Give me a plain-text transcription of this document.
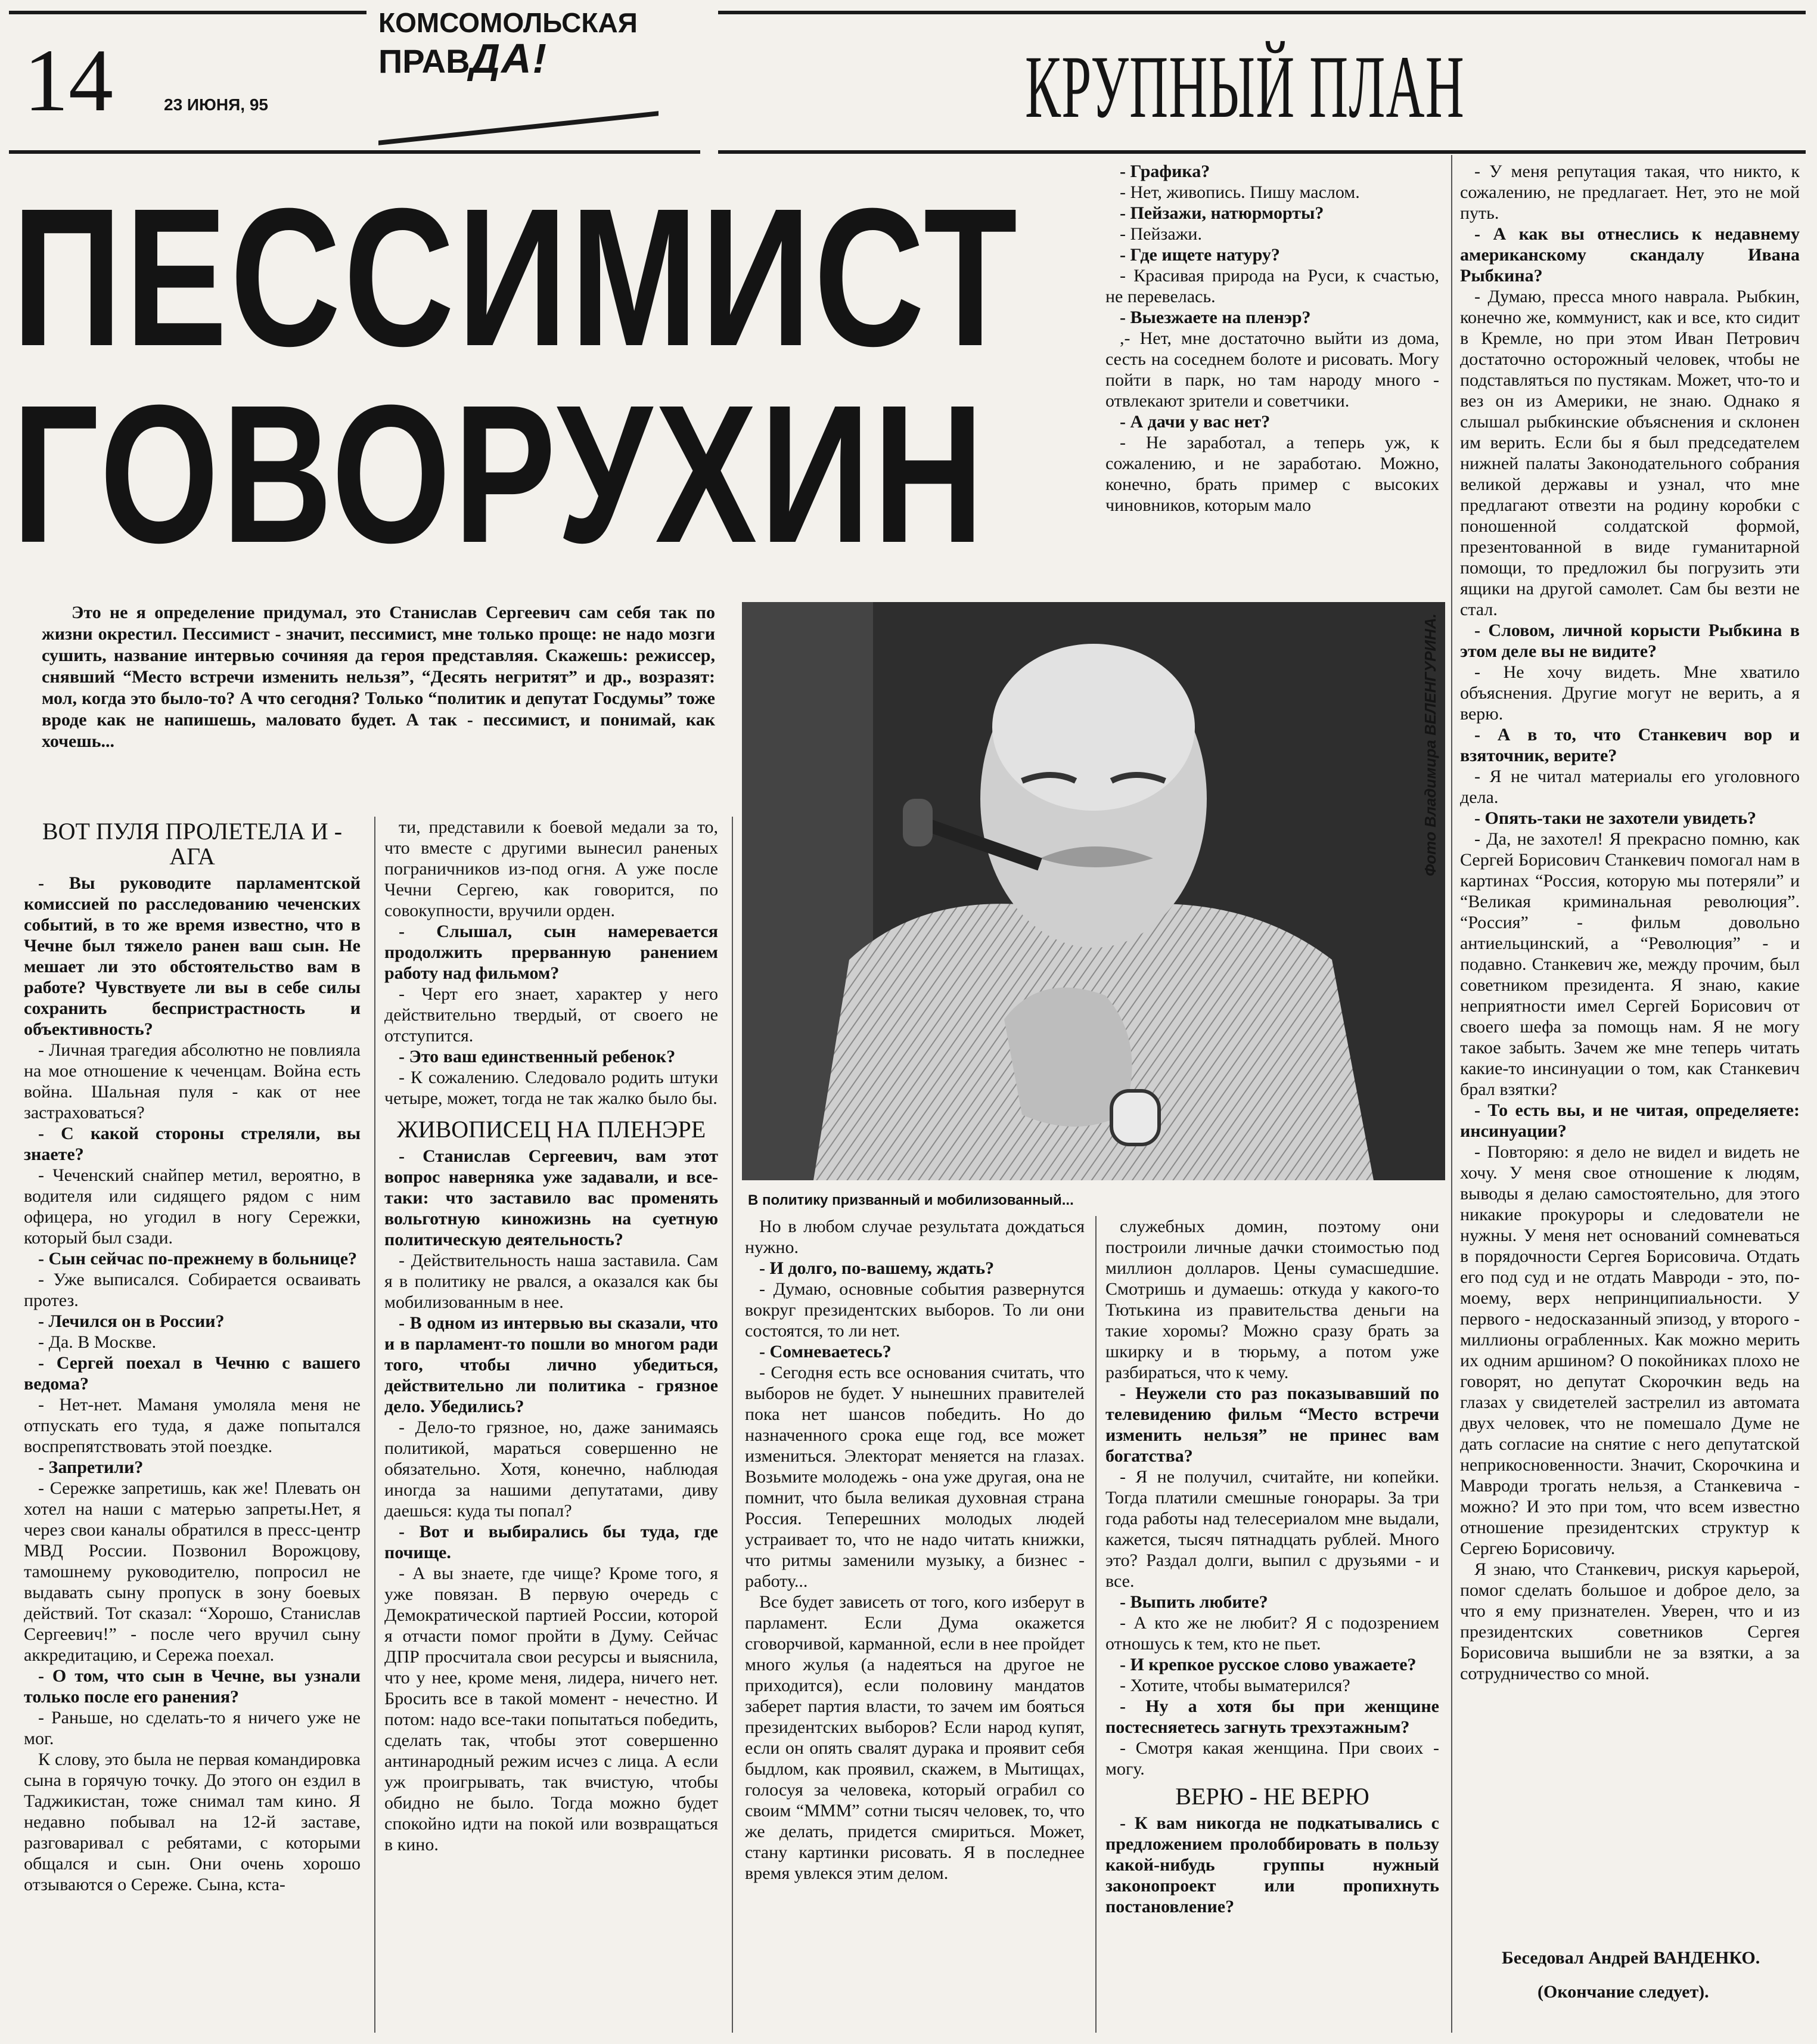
14	23 ИЮНЯ, 95
КОМСОМОЛЬСКАЯ
ПРАВДА!	КРУПНЫЙ ПЛАН
ПЕССИМИСТ
ГОВОРУХИН
Это не я определение придумал, это Станислав Сергеевич сам себя так по жизни окрестил. Пессимист - значит, пессимист, мне только проще: не надо мозги сушить, название интервью сочиняя да героя представляя. Скажешь: режиссер, снявший “Место встречи изменить нельзя”, “Десять негритят” и др., возразят: мол, когда это было-то? А что сегодня? Только “политик и депутат Госдумы” тоже вроде как не напишешь, маловато будет. А так - пессимист, и понимай, как хочешь...
ВОТ ПУЛЯ ПРОЛЕТЕЛА И - АГА

- Вы руководите парламентской комиссией по расследованию чеченских событий, в то же время известно, что в Чечне был тяжело ранен ваш сын. Не мешает ли это обстоятельство вам в работе? Чувствуете ли вы в себе силы сохранить беспристрастность и объективность?

- Личная трагедия абсолютно не повлияла на мое отношение к чеченцам. Война есть война. Шальная пуля - как от нее застраховаться?

- С какой стороны стреляли, вы знаете?

- Чеченский снайпер метил, вероятно, в водителя или сидящего рядом с ним офицера, но угодил в ногу Сережки, который был сзади.

- Сын сейчас по-прежнему в больнице?

- Уже выписался. Собирается осваивать протез.

- Лечился он в России?

- Да. В Москве.

- Сергей поехал в Чечню с вашего ведома?

- Нет-нет. Маманя умоляла меня не отпускать его туда, я даже попытался воспрепятствовать этой поездке.

- Запретили?

- Сережке запретишь, как же! Плевать он хотел на наши с матерью запреты.Нет, я через свои каналы обратился в пресс-центр МВД России. Позвонил Ворожцову, тамошнему руководителю, попросил не выдавать сыну пропуск в зону боевых действий. Тот сказал: “Хорошо, Станислав Сергеевич!” - после чего вручил сыну аккредитацию, и Сережа поехал.

- О том, что сын в Чечне, вы узнали только после его ранения?

- Раньше, но сделать-то я ничего уже не мог.

К слову, это была не первая командировка сына в горячую точку. До этого он ездил в Таджикистан, тоже снимал там кино. Я недавно побывал на 12-й заставе, разговаривал с ребятами, с которыми общался и сын. Они очень хорошо отзываются о Сереже. Сына, кста-

ти, представили к боевой медали за то, что вместе с другими вынесил раненых пограничников из-под огня. А уже после Чечни Сергею, как говорится, по совокупности, вручили орден.

- Слышал, сын намеревается продолжить прерванную ранением работу над фильмом?

- Черт его знает, характер у него действительно твердый, от своего не отступится.

- Это ваш единственный ребенок?

- К сожалению. Следовало родить штуки четыре, может, тогда не так жалко было бы.

ЖИВОПИСЕЦ НА ПЛЕНЭРЕ

- Станислав Сергеевич, вам этот вопрос наверняка уже задавали, и все-таки: что заставило вас променять вольготную киножизнь на суетную политическую деятельность?

- Действительность наша заставила. Сам я в политику не рвался, а оказался как бы мобилизованным в нее.

- В одном из интервью вы сказали, что и в парламент-то пошли во многом ради того, чтобы лично убедиться, действительно ли политика - грязное дело. Убедились?

- Дело-то грязное, но, даже занимаясь политикой, мараться совершенно не обязательно. Хотя, конечно, наблюдая иногда за нашими депутатами, диву даешься: куда ты попал?

- Вот и выбирались бы туда, где почище.

- А вы знаете, где чище? Кроме того, я уже повязан. В первую очередь с Демократической партией России, которой я отчасти помог пройти в Думу. Сейчас ДПР просчитала свои ресурсы и выяснила, что у нее, кроме меня, лидера, ничего нет. Бросить все в такой момент - нечестно. И потом: надо все-таки попытаться победить, сделать так, чтобы этот совершенно антинародный режим исчез с лица. А если уж проигрывать, так вчистую, чтобы обидно не было. Тогда можно будет спокойно идти на покой или возвращаться в кино.

Фото Владимира ВЕЛЕНГУРИНА.
В политику призванный и мобилизованный...

Но в любом случае результата дождаться нужно.

- И долго, по-вашему, ждать?

- Думаю, основные события развернутся вокруг президентских выборов. То ли они состоятся, то ли нет.

- Сомневаетесь?

- Сегодня есть все основания считать, что выборов не будет. У нынешних правителей пока нет шансов победить. Но до назначенного срока еще год, все может измениться. Электорат меняется на глазах. Возьмите молодежь - она уже другая, она не помнит, что была великая духовная страна Россия. Теперешних молодых людей устраивает то, что не надо читать книжки, что ритмы заменили музыку, а бизнес - работу...

Все будет зависеть от того, кого изберут в парламент. Если Дума окажется сговорчивой, карманной, если в нее пройдет много жулья (а надеяться на другое не приходится), если половину мандатов заберет партия власти, то зачем им бояться президентских выборов? Если народ купят, если он опять свалят дурака и проявит себя быдлом, как проявил, скажем, в Мытищах, голосуя за человека, который ограбил со своим “МММ” сотни тысяч человек, то, что же делать, придется смириться. Может, стану картинки рисовать. Я в последнее время увлекся этим делом.

- Графика?

- Нет, живопись. Пишу маслом.

- Пейзажи, натюрморты?

- Пейзажи.

- Где ищете натуру?

- Красивая природа на Руси, к счастью, не перевелась.

- Выезжаете на пленэр?

,- Нет, мне достаточно выйти из дома, сесть на соседнем болоте и рисовать. Могу пойти в парк, но там народу много - отвлекают зрители и советчики.

- А дачи у вас нет?

- Не заработал, а теперь уж, к сожалению, и не заработаю. Можно, конечно, брать пример с высоких чиновников, которым мало

служебных домин, поэтому они построили личные дачки стоимостью под миллион долларов. Цены сумасшедшие. Смотришь и думаешь: откуда у какого-то Тютькина из правительства деньги на такие хоромы? Можно сразу брать за шкирку и в тюрьму, а потом уже разбираться, что к чему.

- Неужели сто раз показывавший по телевидению фильм “Место встречи изменить нельзя” не принес вам богатства?

- Я не получил, считайте, ни копейки. Тогда платили смешные гонорары. За три года работы над телесериалом мне выдали, кажется, тысяч пятнадцать рублей. Много это? Раздал долги, выпил с друзьями - и все.

- Выпить любите?

- А кто же не любит? Я с подозрением отношусь к тем, кто не пьет.

- И крепкое русское слово уважаете?

- Хотите, чтобы выматерился?

- Ну а хотя бы при женщине постесняетесь загнуть трехэтажным?

- Смотря какая женщина. При своих - могу.

ВЕРЮ - НЕ ВЕРЮ

- К вам никогда не подкатывались с предложением пролоббировать в пользу какой-нибудь группы нужный законопроект или пропихнуть постановление?

- У меня репутация такая, что никто, к сожалению, не предлагает. Нет, это не мой путь.

- А как вы отнеслись к недавнему американскому скандалу Ивана Рыбкина?

- Думаю, пресса много наврала. Рыбкин, конечно же, коммунист, как и все, кто сидит в Кремле, но при этом Иван Петрович достаточно осторожный человек, чтобы не подставляться по пустякам. Может, что-то и вез он из Америки, не знаю. Однако я слышал рыбкинские объяснения и склонен им верить. Если бы я был председателем нижней палаты Законодательного собрания великой державы и узнал, что мне предлагают отвезти на родину коробки с поношенной солдатской формой, презентованной в виде гуманитарной помощи, то предложил бы погрузить эти ящики на другой самолет. Сам бы везти не стал.

- Словом, личной корысти Рыбкина в этом деле вы не видите?

- Не хочу видеть. Мне хватило объяснения. Другие могут не верить, а я верю.

- А в то, что Станкевич вор и взяточник, верите?

- Я не читал материалы его уголовного дела.

- Опять-таки не захотели увидеть?

- Да, не захотел! Я прекрасно помню, как Сергей Борисович Станкевич помогал нам в картинах “Россия, которую мы потеряли” и “Великая криминальная революция”. “Россия” - фильм довольно антиельцинский, а “Революция” - и подавно. Станкевич же, между прочим, был советником президента. Я знаю, какие неприятности имел Сергей Борисович от своего шефа за помощь нам. Я не могу такое забыть. Зачем же мне теперь читать какие-то инсинуации о том, как Станкевич брал взятки?

- То есть вы, и не читая, определяете: инсинуации?

- Повторяю: я дело не видел и видеть не хочу. У меня свое отношение к людям, выводы я делаю самостоятельно, для этого никакие прокуроры и следователи не нужны. У меня нет оснований сомневаться в порядочности Сергея Борисовича. Отдать его под суд и не отдать Мавроди - это, по-моему, верх непринципиальности. У первого - недосказанный эпизод, у второго - миллионы ограбленных. Как можно мерить их одним аршином? О покойниках плохо не говорят, но депутат Скорочкин ведь на глазах у свидетелей застрелил из автомата двух человек, что не помешало Думе не дать согласие на снятие с него депутатской неприкосновенности. Значит, Скорочкина и Мавроди трогать нельзя, а Станкевича - можно? И это при том, что всем известно отношение президентских структур к Сергею Борисовичу.

Я знаю, что Станкевич, рискуя карьерой, помог сделать большое и доброе дело, за что я ему признателен. Уверен, что и из президентских советников Сергея Борисовича вышибли не за взятки, а за сотрудничество со мной.

Беседовал Андрей ВАНДЕНКО.
(Окончание следует).
